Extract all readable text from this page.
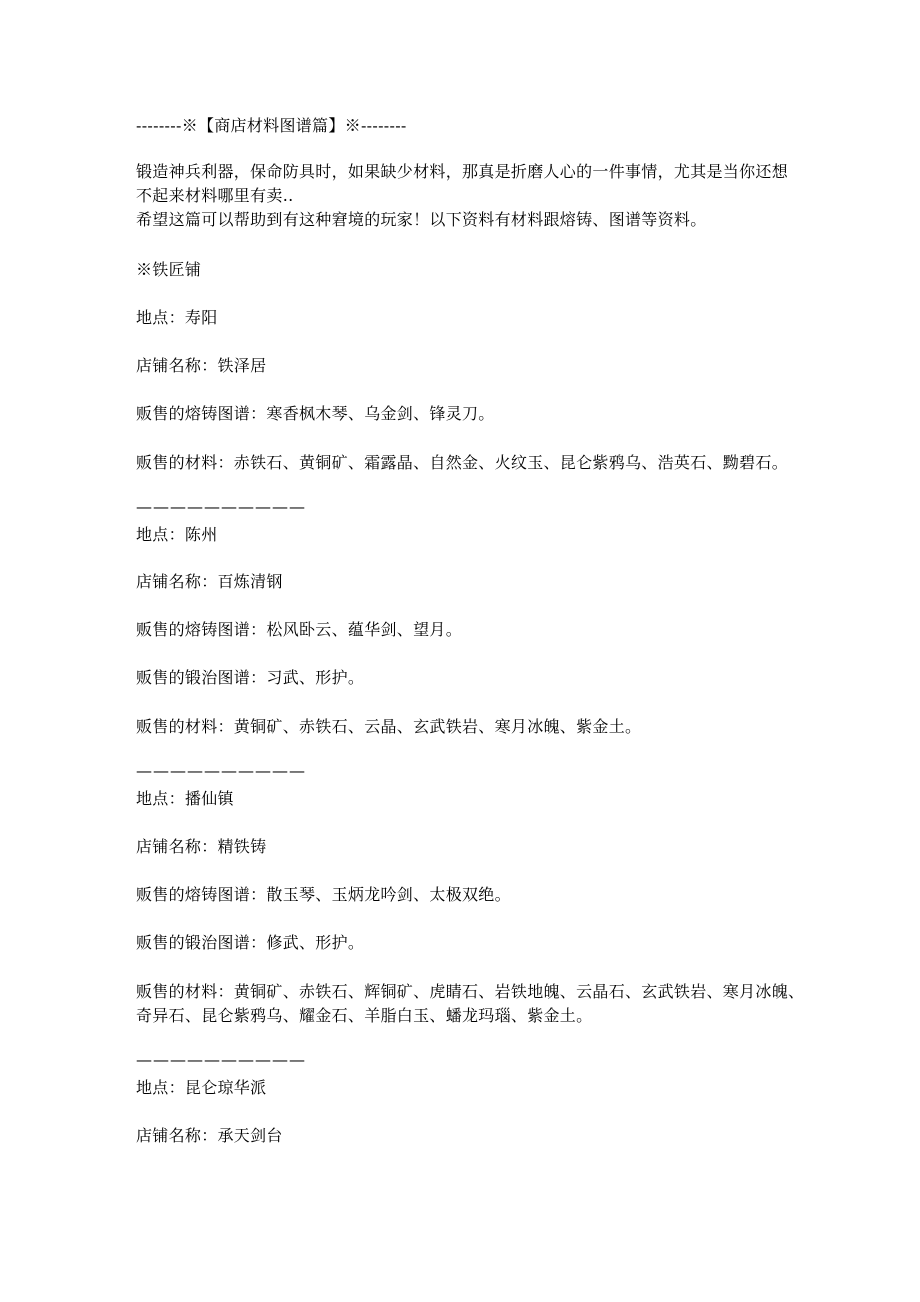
--------※【商店材料图谱篇】※--------
锻造神兵利器，保命防具时，如果缺少材料，那真是折磨人心的一件事情，尤其是当你还想
不起来材料哪里有卖..
希望这篇可以帮助到有这种窘境的玩家！以下资料有材料跟熔铸、图谱等资料。
※铁匠铺
地点：寿阳
店铺名称：铁泽居
贩售的熔铸图谱：寒香枫木琴、乌金剑、锋灵刀。
贩售的材料：赤铁石、黄铜矿、霜露晶、自然金、火纹玉、昆仑紫鸦乌、浩英石、黝碧石。
——————————
地点：陈州
店铺名称：百炼清钢
贩售的熔铸图谱：松风卧云、蕴华剑、望月。
贩售的锻治图谱：习武、形护。
贩售的材料：黄铜矿、赤铁石、云晶、玄武铁岩、寒月冰魄、紫金土。
——————————
地点：播仙镇
店铺名称：精铁铸
贩售的熔铸图谱：散玉琴、玉炳龙吟剑、太极双绝。
贩售的锻治图谱：修武、形护。
贩售的材料：黄铜矿、赤铁石、辉铜矿、虎睛石、岩铁地魄、云晶石、玄武铁岩、寒月冰魄、
奇异石、昆仑紫鸦乌、耀金石、羊脂白玉、蟠龙玛瑙、紫金土。
——————————
地点：昆仑琼华派
店铺名称：承天剑台
